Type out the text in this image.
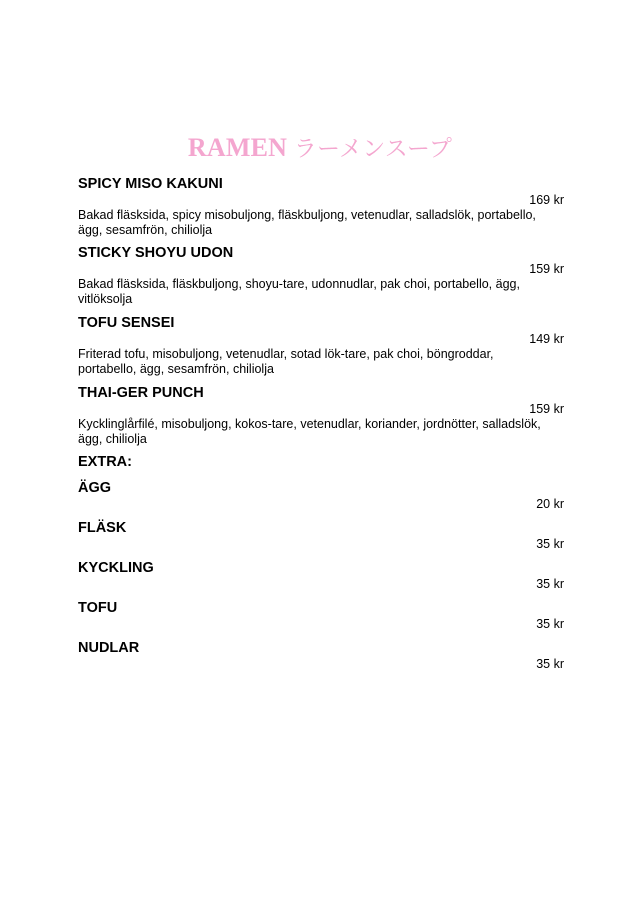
RAMEN ラーメンスープ
SPICY MISO KAKUNI
169 kr
Bakad fläsksida, spicy misobuljong, fläskbuljong, vetenudlar, salladslök, portabello, ägg, sesamfrön, chiliolja
STICKY SHOYU UDON
159 kr
Bakad fläsksida, fläskbuljong, shoyu-tare, udonnudlar, pak choi, portabello, ägg, vitlöksolja
TOFU SENSEI
149 kr
Friterad tofu, misobuljong, vetenudlar, sotad lök-tare, pak choi, böngroddar, portabello, ägg, sesamfrön, chiliolja
THAI-GER PUNCH
159 kr
Kycklinglårfilé, misobuljong, kokos-tare, vetenudlar, koriander, jordnötter, salladslök, ägg, chiliolja
EXTRA:
ÄGG
20 kr
FLÄSK
35 kr
KYCKLING
35 kr
TOFU
35 kr
NUDLAR
35 kr
